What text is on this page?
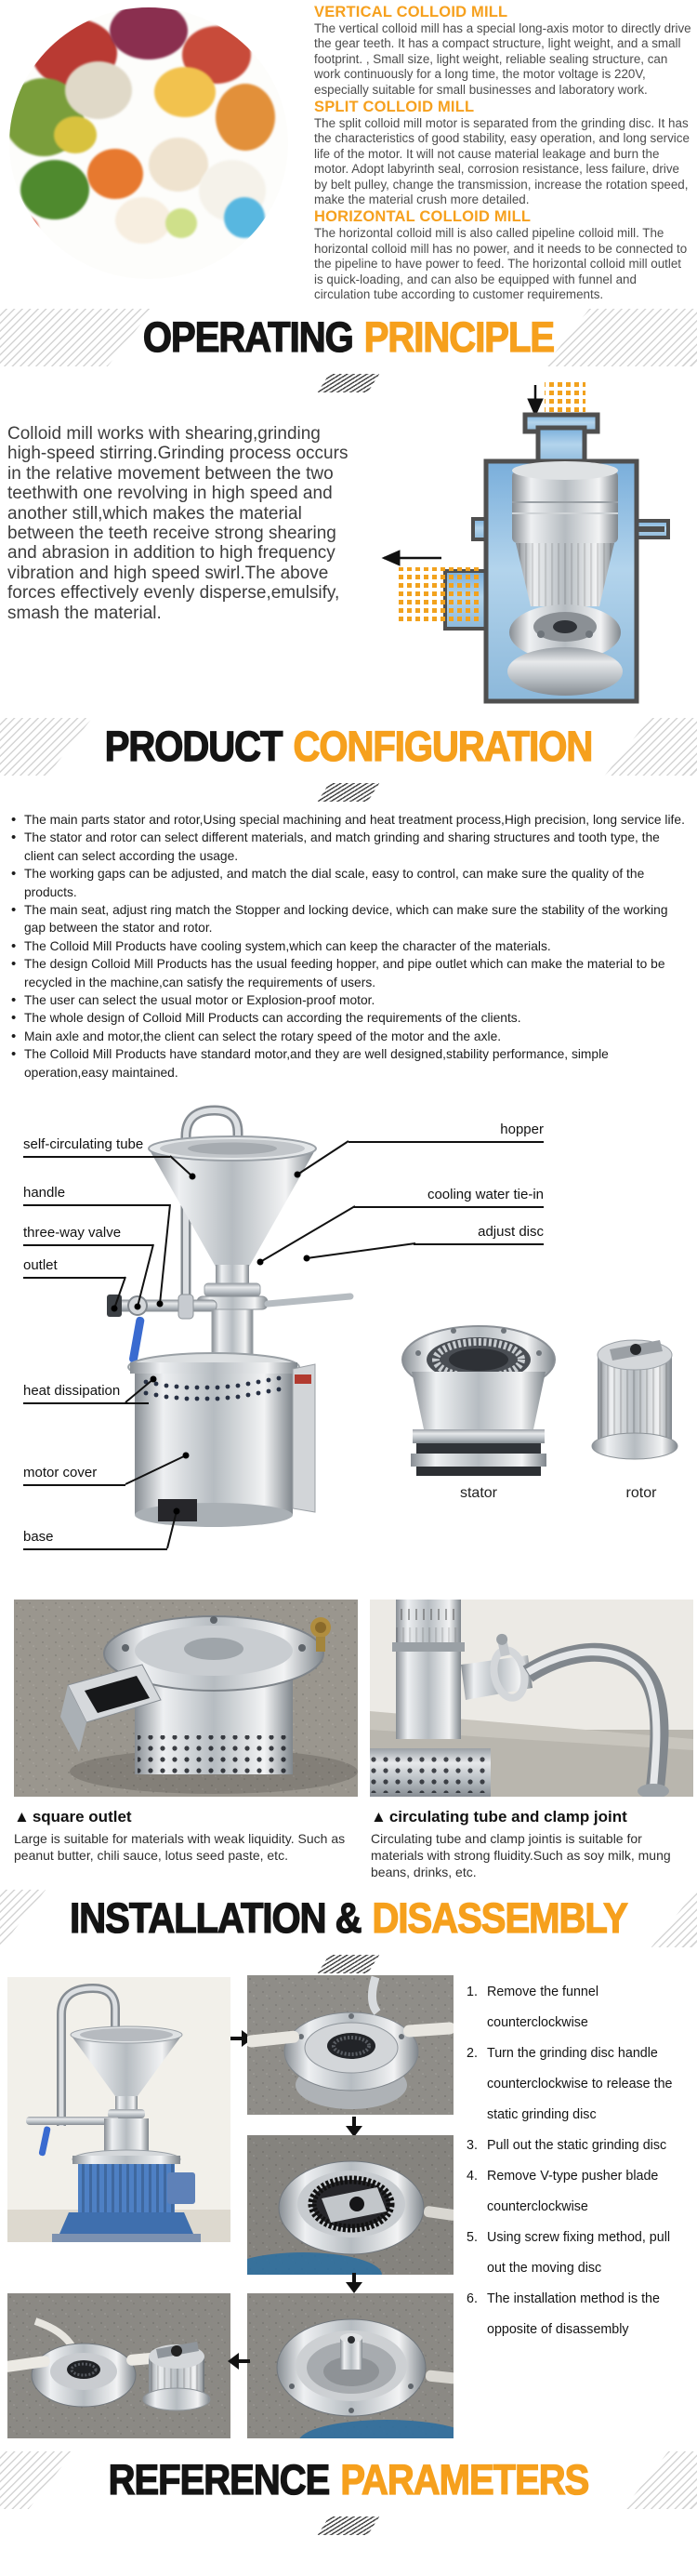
VERTICAL COLLOID MILL

The vertical colloid mill has a special long-axis motor to directly drive the gear teeth. It has a compact structure, light weight, and a small footprint. , Small size, light weight, reliable sealing structure, can work continuously for a long time, the motor voltage is 220V, especially suitable for small businesses and laboratory work.

SPLIT COLLOID MILL

The split colloid mill motor is separated from the grinding disc. It has the characteristics of good stability, easy operation, and long service life of the motor. It will not cause material leakage and burn the motor. Adopt labyrinth seal, corrosion resistance, less failure, drive by belt pulley, change the transmission, increase the rotation speed, make the material crush more detailed.

HORIZONTAL COLLOID MILL

The horizontal colloid mill is also called pipeline colloid mill. The horizontal colloid mill has no power, and it needs to be connected to the pipeline to have power to feed. The horizontal colloid mill outlet is quick-loading, and can also be equipped with funnel and circulation tube according to customer requirements.

OPERATING PRINCIPLE

Colloid mill works with shearing,grinding high-speed stirring.Grinding process occurs in the relative movement between the two teethwith one revolving in high speed and another still,which makes the material between the teeth receive strong shearing and abrasion in addition to high frequency vibration and high speed swirl.The above forces effectively evenly disperse,emulsify, smash the material.

PRODUCT CONFIGURATION
• The main parts stator and rotor,Using special machining and heat treatment process,High precision, long service life.
• The stator and rotor can select different materials, and match grinding and sharing structures and tooth type, the client can select according the usage.
• The working gaps can be adjusted, and match the dial scale, easy to control, can make sure the quality of the products.
• The main seat, adjust ring match the Stopper and locking device, which can make sure the stability of the working gap between the stator and rotor.
• The Colloid Mill Products have cooling system,which can keep the character of the materials.
• The design Colloid Mill Products has the usual feeding hopper, and pipe outlet which can make the material to be recycled in the machine,can satisfy the requirements of users.
• The user can select the usual motor or Explosion-proof motor.
• The whole design of Colloid Mill Products can according the requirements of the clients.
• Main axle and motor,the client can select the rotary speed of the motor and the axle.
• The Colloid Mill Products have standard motor,and they are well designed,stability performance, simple operation,easy maintained.
self-circulating tube
handle
three-way valve
outlet
heat dissipation
motor cover
base
hopper
cooling water tie-in
adjust disc
stator	rotor
▲ square outlet

Large is suitable for materials with weak liquidity. Such as peanut butter, chili sauce, lotus seed paste, etc.

▲ circulating tube and clamp joint

Circulating tube and clamp jointis is suitable for materials with strong fluidity.Such as soy milk, mung beans, drinks, etc.

INSTALLATION & DISASSEMBLY
1. Remove the funnel counterclockwise
2. Turn the grinding disc handle counterclockwise to release the static grinding disc
3. Pull out the static grinding disc
4. Remove V-type pusher blade counterclockwise
5. Using screw fixing method, pull out the moving disc
6. The installation method is the opposite of disassembly
REFERENCE PARAMETERS
